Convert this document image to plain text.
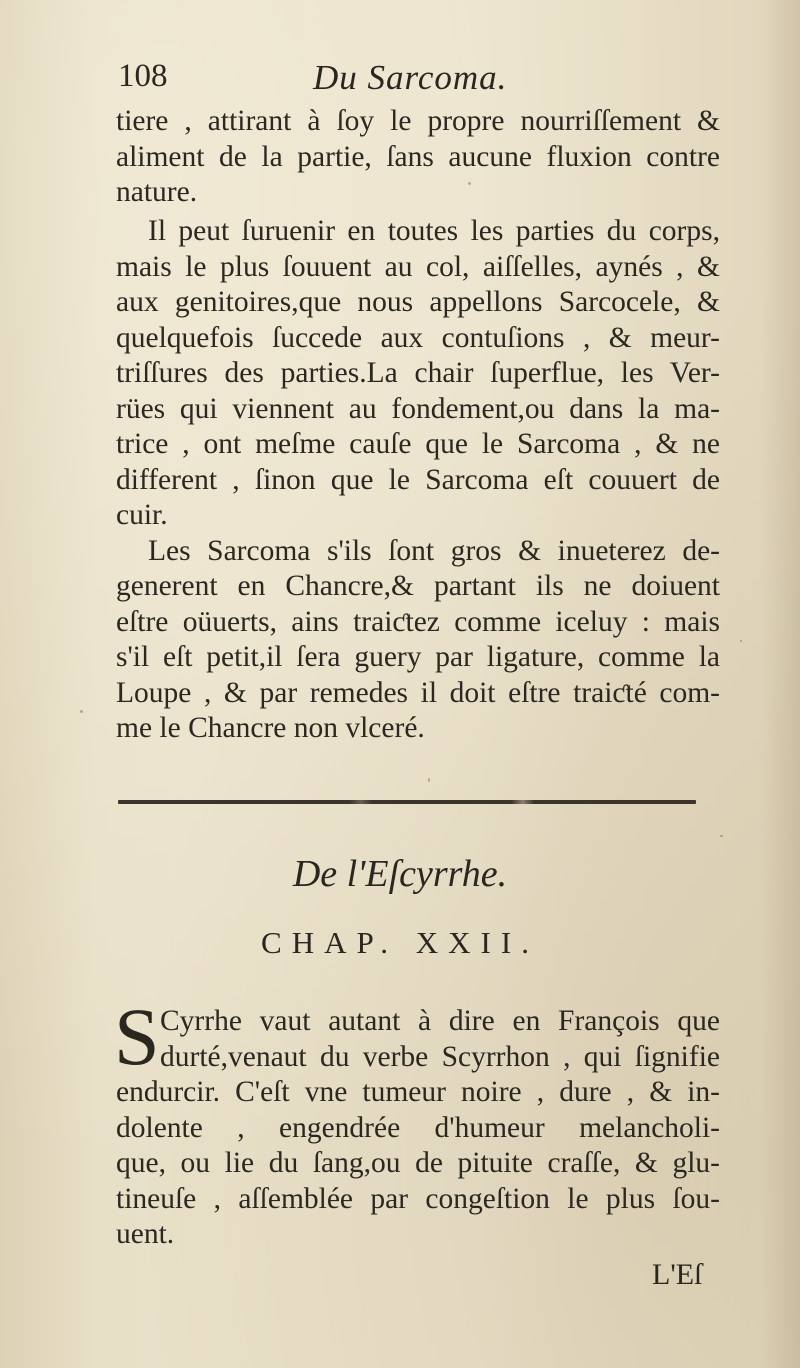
108	Du Sarcoma.
tiere , attirant à ſoy le propre nourriſſement &
aliment de la partie, ſans aucune fluxion contre
nature.
Il peut ſuruenir en toutes les parties du corps,
mais le plus ſouuent au col, aiſſelles, aynés , &
aux genitoires,que nous appellons Sarcocele, &
quelquefois ſuccede aux contuſions , & meur-
triſſures des parties.La chair ſuperflue, les Ver-
rües qui viennent au fondement,ou dans la ma-
trice , ont meſme cauſe que le Sarcoma , & ne
different , ſinon que le Sarcoma eſt couuert de
cuir.
Les Sarcoma s'ils ſont gros & inueterez de-
generent en Chancre,& partant ils ne doiuent
eſtre oüuerts, ains traiƈtez comme iceluy : mais
s'il eſt petit,il ſera guery par ligature, comme la
Loupe , & par remedes il doit eſtre traiƈté com-
me le Chancre non vlceré.
De l'Eſcyrrhe.
CHAP. XXII.
S Cyrrhe vaut autant à dire en François que
durté,venaut du verbe Scyrrhon , qui ſignifie
endurcir. C'eſt vne tumeur noire , dure , & in-
dolente , engendrée d'humeur melancholi-
que, ou lie du ſang,ou de pituite craſſe, & glu-
tineuſe , aſſemblée par congeſtion le plus ſou-
uent.
L'Eſ
